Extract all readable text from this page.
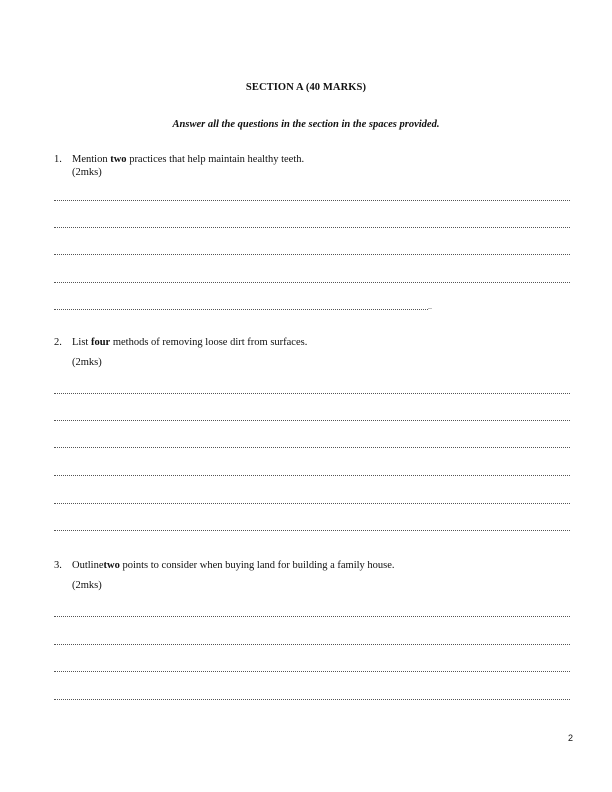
SECTION A (40 MARKS)
Answer all the questions in the section in the spaces provided.
1. Mention two practices that help maintain healthy teeth.
(2mks)
..
2. List four methods of removing loose dirt from surfaces.
(2mks)
3. Outlinetwo points to consider when buying land for building a family house.
(2mks)
2
